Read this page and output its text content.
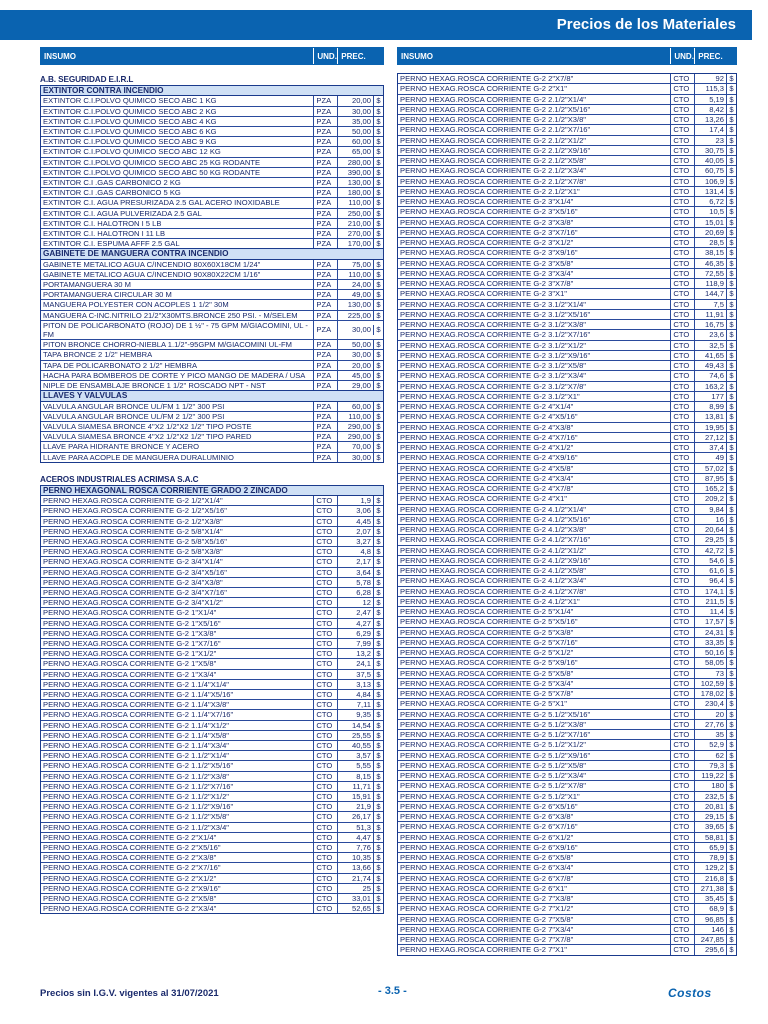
Precios de los Materiales
INSUMO	UND. PREC.
A.B. SEGURIDAD E.I.R.L
EXTINTOR CONTRA INCENDIO
EXTINTOR C.I.POLVO QUIMICO SECO ABC 1 KG	PZA	20,00 $
EXTINTOR C.I.POLVO QUIMICO SECO ABC 2 KG	PZA	30,00 $
EXTINTOR C.I.POLVO QUIMICO SECO ABC 4 KG	PZA	35,00 $
EXTINTOR C.I.POLVO QUIMICO SECO ABC 6 KG	PZA	50,00 $
EXTINTOR C.I.POLVO QUIMICO SECO ABC 9 KG	PZA	60,00 $
EXTINTOR C.I.POLVO QUIMICO SECO ABC 12 KG	PZA	65,00 $
EXTINTOR C.I.POLVO QUIMICO SECO ABC 25 KG RODANTE	PZA	280,00 $
EXTINTOR C.I.POLVO QUIMICO SECO ABC 50 KG RODANTE	PZA	390,00 $
EXTINTOR C.I .GAS CARBONICO 2 KG	PZA	130,00 $
EXTINTOR C.I .GAS CARBONICO 5 KG	PZA	180,00 $
EXTINTOR C.I. AGUA PRESURIZADA 2.5 GAL ACERO INOXIDABLE	PZA	110,00 $
EXTINTOR C.I. AGUA PULVERIZADA 2.5 GAL	PZA	250,00 $
EXTINTOR C.I. HALOTRON I 5 LB	PZA	210,00 $
EXTINTOR C.I. HALOTRON I 11 LB	PZA	270,00 $
EXTINTOR C.I. ESPUMA AFFF 2.5 GAL	PZA	170,00 $
GABINETE DE MANGUERA CONTRA INCENDIO
GABINETE METALICO AGUA C/INCENDIO 80X60X18CM 1/24"	PZA	75,00 $
GABINETE METALICO AGUA C/INCENDIO 90X80X22CM 1/16"	PZA	110,00 $
PORTAMANGUERA 30 M	PZA	24,00 $
PORTAMANGUERA CIRCULAR 30 M	PZA	49,00 $
MANGUERA POLYESTER CON ACOPLES 1 1/2" 30M	PZA	130,00 $
MANGUERA C-INC.NITRILO 21/2"X30MTS.BRONCE 250 PSI. - M/SELEM	PZA	225,00 $
PITON DE POLICARBONATO (ROJO) DE 1 ½" - 75 GPM M/GIACOMINI, UL - FM
PZA	30,00 $
PITON BRONCE CHORRO-NIEBLA 1.1/2"-95GPM M/GIACOMINI UL-FM	PZA	50,00 $
TAPA BRONCE 2 1/2" HEMBRA	PZA	30,00 $
TAPA DE POLICARBONATO 2 1/2" HEMBRA	PZA	20,00 $
HACHA PARA BOMBEROS DE CORTE Y PICO MANGO DE MADERA / USA	PZA	45,00 $
NIPLE DE ENSAMBLAJE BRONCE 1 1/2" ROSCADO NPT - NST	PZA	29,00 $
LLAVES Y VALVULAS
VALVULA ANGULAR BRONCE UL/FM 1 1/2" 300 PSI	PZA	60,00 $
VALVULA ANGULAR BRONCE UL/FM 2 1/2" 300 PSI	PZA	110,00 $
VALVULA SIAMESA BRONCE 4"X2 1/2"X2 1/2" TIPO POSTE	PZA	290,00 $
VALVULA SIAMESA BRONCE 4"X2 1/2"X2 1/2" TIPO PARED	PZA	290,00 $
LLAVE PARA HIDRANTE BRONCE Y ACERO	PZA	70,00 $
LLAVE PARA ACOPLE DE MANGUERA DURALUMINIO	PZA	30,00 $
ACEROS INDUSTRIALES ACRIMSA S.A.C
PERNO HEXAGONAL ROSCA CORRIENTE GRADO 2 ZINCADO
PERNO HEXAG.ROSCA CORRIENTE G-2 1/2"X1/4"	CTO	1,9 $
PERNO HEXAG.ROSCA CORRIENTE G-2 1/2"X5/16"	CTO	3,06 $
PERNO HEXAG.ROSCA CORRIENTE G-2 1/2"X3/8"	CTO	4,45 $
PERNO HEXAG.ROSCA CORRIENTE G-2 5/8"X1/4"	CTO	2,07 $
PERNO HEXAG.ROSCA CORRIENTE G-2 5/8"X5/16"	CTO	3,27 $
PERNO HEXAG.ROSCA CORRIENTE G-2 5/8"X3/8"	CTO	4,8 $
PERNO HEXAG.ROSCA CORRIENTE G-2 3/4"X1/4"	CTO	2,17 $
PERNO HEXAG.ROSCA CORRIENTE G-2 3/4"X5/16"	CTO	3,64 $
PERNO HEXAG.ROSCA CORRIENTE G-2 3/4"X3/8"	CTO	5,78 $
PERNO HEXAG.ROSCA CORRIENTE G-2 3/4"X7/16"	CTO	6,28 $
PERNO HEXAG.ROSCA CORRIENTE G-2 3/4"X1/2"	CTO	12 $
PERNO HEXAG.ROSCA CORRIENTE G-2 1"X1/4"	CTO	2,47 $
PERNO HEXAG.ROSCA CORRIENTE G-2 1"X5/16"	CTO	4,27 $
PERNO HEXAG.ROSCA CORRIENTE G-2 1"X3/8"	CTO	6,29 $
PERNO HEXAG.ROSCA CORRIENTE G-2 1"X7/16"	CTO	7,99 $
PERNO HEXAG.ROSCA CORRIENTE G-2 1"X1/2"	CTO	13,2 $
PERNO HEXAG.ROSCA CORRIENTE G-2 1"X5/8"	CTO	24,1 $
PERNO HEXAG.ROSCA CORRIENTE G-2 1"X3/4"	CTO	37,5 $
PERNO HEXAG.ROSCA CORRIENTE G-2 1.1/4"X1/4"	CTO	3,13 $
PERNO HEXAG.ROSCA CORRIENTE G-2 1.1/4"X5/16"	CTO	4,84 $
PERNO HEXAG.ROSCA CORRIENTE G-2 1.1/4"X3/8"	CTO	7,11 $
PERNO HEXAG.ROSCA CORRIENTE G-2 1.1/4"X7/16"	CTO	9,35 $
PERNO HEXAG.ROSCA CORRIENTE G-2 1.1/4"X1/2"	CTO	14,54 $
PERNO HEXAG.ROSCA CORRIENTE G-2 1.1/4"X5/8"	CTO	25,55 $
PERNO HEXAG.ROSCA CORRIENTE G-2 1.1/4"X3/4"	CTO	40,55 $
PERNO HEXAG.ROSCA CORRIENTE G-2 1.1/2"X1/4"	CTO	3,57 $
PERNO HEXAG.ROSCA CORRIENTE G-2 1.1/2"X5/16"	CTO	5,55 $
PERNO HEXAG.ROSCA CORRIENTE G-2 1.1/2"X3/8"	CTO	8,15 $
PERNO HEXAG.ROSCA CORRIENTE G-2 1.1/2"X7/16"	CTO	11,71 $
PERNO HEXAG.ROSCA CORRIENTE G-2 1.1/2"X1/2"	CTO	15,91 $
PERNO HEXAG.ROSCA CORRIENTE G-2 1.1/2"X9/16"	CTO	21,9 $
PERNO HEXAG.ROSCA CORRIENTE G-2 1.1/2"X5/8"	CTO	26,17 $
PERNO HEXAG.ROSCA CORRIENTE G-2 1.1/2"X3/4"	CTO	51,3 $
PERNO HEXAG.ROSCA CORRIENTE G-2 2"X1/4"	CTO	4,47 $
PERNO HEXAG.ROSCA CORRIENTE G-2 2"X5/16"	CTO	7,76 $
PERNO HEXAG.ROSCA CORRIENTE G-2 2"X3/8"	CTO	10,35 $
PERNO HEXAG.ROSCA CORRIENTE G-2 2"X7/16"	CTO	13,66 $
PERNO HEXAG.ROSCA CORRIENTE G-2 2"X1/2"	CTO	21,74 $
PERNO HEXAG.ROSCA CORRIENTE G-2 2"X9/16"	CTO	25 $
PERNO HEXAG.ROSCA CORRIENTE G-2 2"X5/8"	CTO	33,01 $
PERNO HEXAG.ROSCA CORRIENTE G-2 2"X3/4"	CTO	52,65 $
INSUMO	UND. PREC.
PERNO HEXAG.ROSCA CORRIENTE G-2 2"X7/8"	CTO	92 $
PERNO HEXAG.ROSCA CORRIENTE G-2 2"X1"	CTO	115,3 $
PERNO HEXAG.ROSCA CORRIENTE G-2 2.1/2"X1/4"	CTO	5,19 $
PERNO HEXAG.ROSCA CORRIENTE G-2 2.1/2"X5/16"	CTO	8,42 $
PERNO HEXAG.ROSCA CORRIENTE G-2 2.1/2"X3/8"	CTO	13,26 $
PERNO HEXAG.ROSCA CORRIENTE G-2 2.1/2"X7/16"	CTO	17,4 $
PERNO HEXAG.ROSCA CORRIENTE G-2 2.1/2"X1/2"	CTO	23 $
PERNO HEXAG.ROSCA CORRIENTE G-2 2.1/2"X9/16"	CTO	30,75 $
PERNO HEXAG.ROSCA CORRIENTE G-2 2.1/2"X5/8"	CTO	40,05 $
PERNO HEXAG.ROSCA CORRIENTE G-2 2.1/2"X3/4"	CTO	60,75 $
PERNO HEXAG.ROSCA CORRIENTE G-2 2.1/2"X7/8"	CTO	106,9 $
PERNO HEXAG.ROSCA CORRIENTE G-2 2.1/2"X1"	CTO	131,4 $
PERNO HEXAG.ROSCA CORRIENTE G-2 3"X1/4"	CTO	6,72 $
PERNO HEXAG.ROSCA CORRIENTE G-2 3"X5/16"	CTO	10,5 $
PERNO HEXAG.ROSCA CORRIENTE G-2 3"X3/8"	CTO	15,01 $
PERNO HEXAG.ROSCA CORRIENTE G-2 3"X7/16"	CTO	20,69 $
PERNO HEXAG.ROSCA CORRIENTE G-2 3"X1/2"	CTO	28,5 $
PERNO HEXAG.ROSCA CORRIENTE G-2 3"X9/16"	CTO	38,15 $
PERNO HEXAG.ROSCA CORRIENTE G-2 3"X5/8"	CTO	46,35 $
PERNO HEXAG.ROSCA CORRIENTE G-2 3"X3/4"	CTO	72,55 $
PERNO HEXAG.ROSCA CORRIENTE G-2 3"X7/8"	CTO	118,9 $
PERNO HEXAG.ROSCA CORRIENTE G-2 3"X1"	CTO	144,7 $
PERNO HEXAG.ROSCA CORRIENTE G-2 3.1/2"X1/4"	CTO	7,5 $
PERNO HEXAG.ROSCA CORRIENTE G-2 3.1/2"X5/16"	CTO	11,91 $
PERNO HEXAG.ROSCA CORRIENTE G-2 3.1/2"X3/8"	CTO	16,75 $
PERNO HEXAG.ROSCA CORRIENTE G-2 3.1/2"X7/16"	CTO	23,6 $
PERNO HEXAG.ROSCA CORRIENTE G-2 3.1/2"X1/2"	CTO	32,5 $
PERNO HEXAG.ROSCA CORRIENTE G-2 3.1/2"X9/16"	CTO	41,65 $
PERNO HEXAG.ROSCA CORRIENTE G-2 3.1/2"X5/8"	CTO	49,43 $
PERNO HEXAG.ROSCA CORRIENTE G-2 3.1/2"X3/4"	CTO	74,6 $
PERNO HEXAG.ROSCA CORRIENTE G-2 3.1/2"X7/8"	CTO	163,2 $
PERNO HEXAG.ROSCA CORRIENTE G-2 3.1/2"X1"	CTO	177 $
PERNO HEXAG.ROSCA CORRIENTE G-2 4"X1/4"	CTO	8,99 $
PERNO HEXAG.ROSCA CORRIENTE G-2 4"X5/16"	CTO	13,81 $
PERNO HEXAG.ROSCA CORRIENTE G-2 4"X3/8"	CTO	19,95 $
PERNO HEXAG.ROSCA CORRIENTE G-2 4"X7/16"	CTO	27,12 $
PERNO HEXAG.ROSCA CORRIENTE G-2 4"X1/2"	CTO	37,4 $
PERNO HEXAG.ROSCA CORRIENTE G-2 4"X9/16"	CTO	49 $
PERNO HEXAG.ROSCA CORRIENTE G-2 4"X5/8"	CTO	57,02 $
PERNO HEXAG.ROSCA CORRIENTE G-2 4"X3/4"	CTO	87,95 $
PERNO HEXAG.ROSCA CORRIENTE G-2 4"X7/8"	CTO	165,2 $
PERNO HEXAG.ROSCA CORRIENTE G-2 4"X1"	CTO	209,2 $
PERNO HEXAG.ROSCA CORRIENTE G-2 4.1/2"X1/4"	CTO	9,84 $
PERNO HEXAG.ROSCA CORRIENTE G-2 4.1/2"X5/16"	CTO	16 $
PERNO HEXAG.ROSCA CORRIENTE G-2 4.1/2"X3/8"	CTO	20,64 $
PERNO HEXAG.ROSCA CORRIENTE G-2 4.1/2"X7/16"	CTO	29,25 $
PERNO HEXAG.ROSCA CORRIENTE G-2 4.1/2"X1/2"	CTO	42,72 $
PERNO HEXAG.ROSCA CORRIENTE G-2 4.1/2"X9/16"	CTO	54,6 $
PERNO HEXAG.ROSCA CORRIENTE G-2 4.1/2"X5/8"	CTO	61,6 $
PERNO HEXAG.ROSCA CORRIENTE G-2 4.1/2"X3/4"	CTO	96,4 $
PERNO HEXAG.ROSCA CORRIENTE G-2 4.1/2"X7/8"	CTO	174,1 $
PERNO HEXAG.ROSCA CORRIENTE G-2 4.1/2"X1"	CTO	211,5 $
PERNO HEXAG.ROSCA CORRIENTE G-2 5"X1/4"	CTO	11,4 $
PERNO HEXAG.ROSCA CORRIENTE G-2 5"X5/16"	CTO	17,57 $
PERNO HEXAG.ROSCA CORRIENTE G-2 5"X3/8"	CTO	24,31 $
PERNO HEXAG.ROSCA CORRIENTE G-2 5"X7/16"	CTO	33,35 $
PERNO HEXAG.ROSCA CORRIENTE G-2 5"X1/2"	CTO	50,16 $
PERNO HEXAG.ROSCA CORRIENTE G-2 5"X9/16"	CTO	58,05 $
PERNO HEXAG.ROSCA CORRIENTE G-2 5"X5/8"	CTO	73 $
PERNO HEXAG.ROSCA CORRIENTE G-2 5"X3/4"	CTO	102,59 $
PERNO HEXAG.ROSCA CORRIENTE G-2 5"X7/8"	CTO	178,02 $
PERNO HEXAG.ROSCA CORRIENTE G-2 5"X1"	CTO	230,4 $
PERNO HEXAG.ROSCA CORRIENTE G-2 5.1/2"X5/16"	CTO	20 $
PERNO HEXAG.ROSCA CORRIENTE G-2 5.1/2"X3/8"	CTO	27,76 $
PERNO HEXAG.ROSCA CORRIENTE G-2 5.1/2"X7/16"	CTO	35 $
PERNO HEXAG.ROSCA CORRIENTE G-2 5.1/2"X1/2"	CTO	52,9 $
PERNO HEXAG.ROSCA CORRIENTE G-2 5.1/2"X9/16"	CTO	62 $
PERNO HEXAG.ROSCA CORRIENTE G-2 5.1/2"X5/8"	CTO	79,3 $
PERNO HEXAG.ROSCA CORRIENTE G-2 5.1/2"X3/4"	CTO	119,22 $
PERNO HEXAG.ROSCA CORRIENTE G-2 5.1/2"X7/8"	CTO	180 $
PERNO HEXAG.ROSCA CORRIENTE G-2 5.1/2"X1"	CTO	232,5 $
PERNO HEXAG.ROSCA CORRIENTE G-2 6"X5/16"	CTO	20,81 $
PERNO HEXAG.ROSCA CORRIENTE G-2 6"X3/8"	CTO	29,15 $
PERNO HEXAG.ROSCA CORRIENTE G-2 6"X7/16"	CTO	39,65 $
PERNO HEXAG.ROSCA CORRIENTE G-2 6"X1/2"	CTO	58,81 $
PERNO HEXAG.ROSCA CORRIENTE G-2 6"X9/16"	CTO	65,9 $
PERNO HEXAG.ROSCA CORRIENTE G-2 6"X5/8"	CTO	78,9 $
PERNO HEXAG.ROSCA CORRIENTE G-2 6"X3/4"	CTO	129,2 $
PERNO HEXAG.ROSCA CORRIENTE G-2 6"X7/8"	CTO	216,8 $
PERNO HEXAG.ROSCA CORRIENTE G-2 6"X1"	CTO	271,38 $
PERNO HEXAG.ROSCA CORRIENTE G-2 7"X3/8"	CTO	35,45 $
PERNO HEXAG.ROSCA CORRIENTE G-2 7"X1/2"	CTO	68,9 $
PERNO HEXAG.ROSCA CORRIENTE G-2 7"X5/8"	CTO	96,85 $
PERNO HEXAG.ROSCA CORRIENTE G-2 7"X3/4"	CTO	146 $
PERNO HEXAG.ROSCA CORRIENTE G-2 7"X7/8"	CTO	247,85 $
PERNO HEXAG.ROSCA CORRIENTE G-2 7"X1"	CTO	295,6 $
Precios sin I.G.V. vigentes al 31/07/2021	- 3.5 -	Costos
